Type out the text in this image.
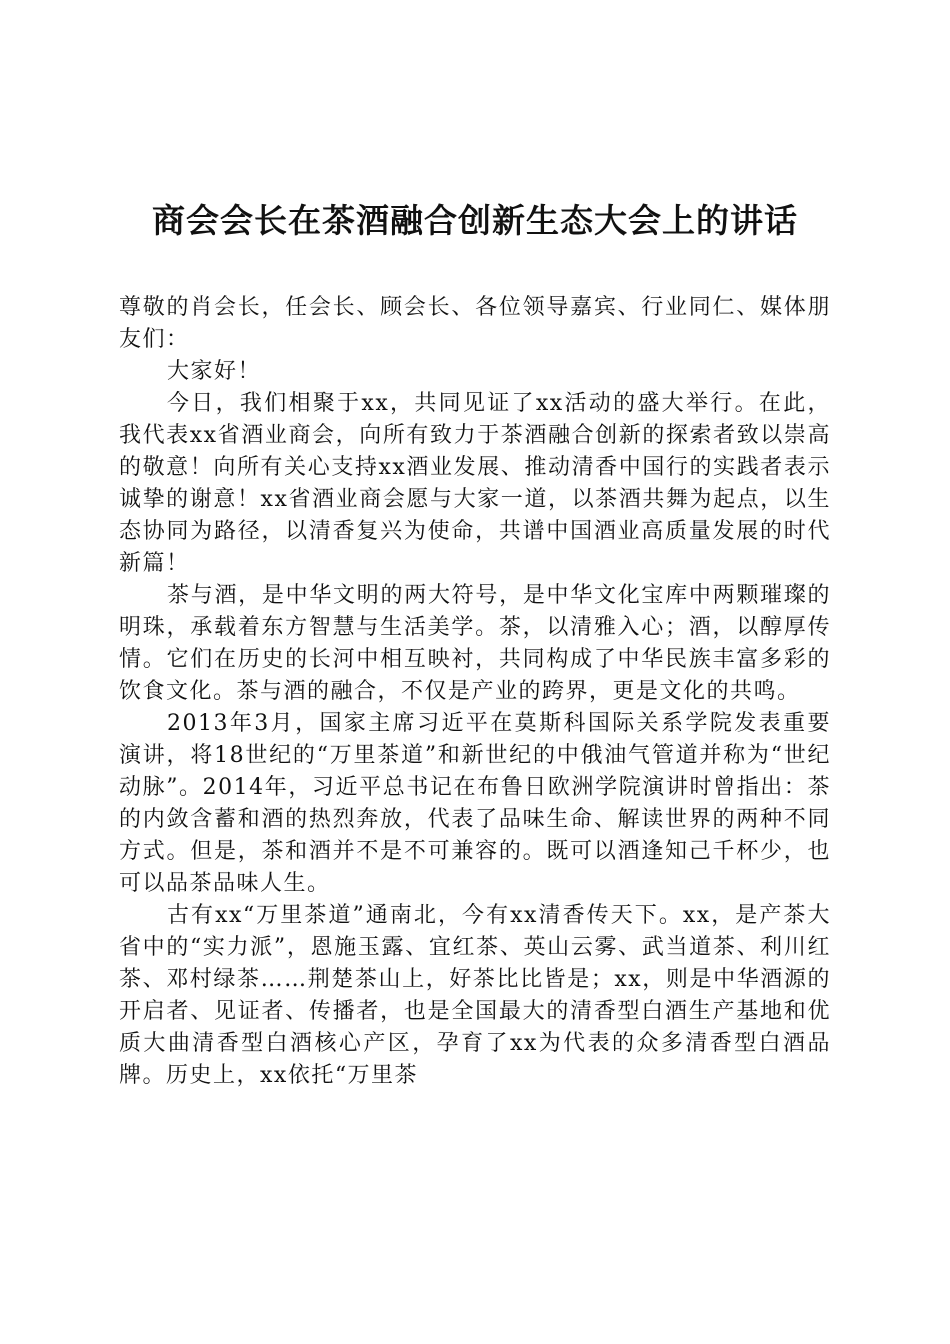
商会会长在茶酒融合创新生态大会上的讲话

尊敬的肖会长，任会长、顾会长、各位领导嘉宾、行业同仁、媒体朋友们：

大家好！

今日，我们相聚于xx，共同见证了xx活动的盛大举行。在此，我代表xx省酒业商会，向所有致力于茶酒融合创新的探索者致以崇高的敬意！向所有关心支持xx酒业发展、推动清香中国行的实践者表示诚挚的谢意！xx省酒业商会愿与大家一道，以茶酒共舞为起点，以生态协同为路径，以清香复兴为使命，共谱中国酒业高质量发展的时代新篇！

茶与酒，是中华文明的两大符号，是中华文化宝库中两颗璀璨的明珠，承载着东方智慧与生活美学。茶，以清雅入心；酒，以醇厚传情。它们在历史的长河中相互映衬，共同构成了中华民族丰富多彩的饮食文化。茶与酒的融合，不仅是产业的跨界，更是文化的共鸣。

2013年3月，国家主席习近平在莫斯科国际关系学院发表重要演讲，将18世纪的“万里茶道”和新世纪的中俄油气管道并称为“世纪动脉”。2014年，习近平总书记在布鲁日欧洲学院演讲时曾指出：茶的内敛含蓄和酒的热烈奔放，代表了品味生命、解读世界的两种不同方式。但是，茶和酒并不是不可兼容的。既可以酒逢知己千杯少，也可以品茶品味人生。

古有xx“万里茶道”通南北，今有xx清香传天下。xx，是产茶大省中的“实力派”，恩施玉露、宜红茶、英山云雾、武当道茶、利川红茶、邓村绿茶……荆楚茶山上，好茶比比皆是；xx，则是中华酒源的开启者、见证者、传播者，也是全国最大的清香型白酒生产基地和优质大曲清香型白酒核心产区，孕育了xx为代表的众多清香型白酒品牌。历史上，xx依托“万里茶
